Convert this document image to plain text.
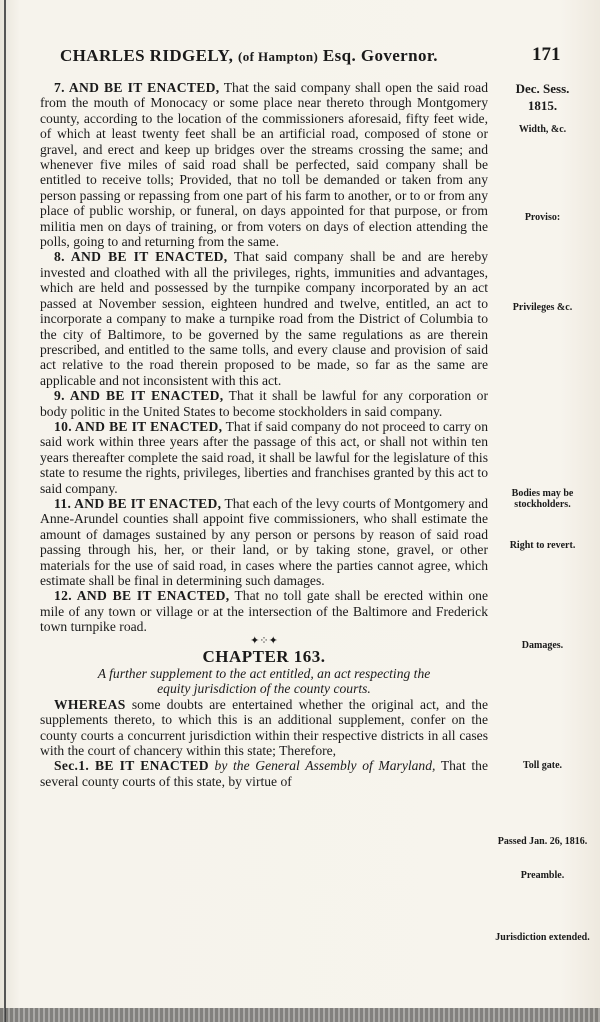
CHARLES RIDGELY, (of Hampton) Esq. Governor.	171
Dec. Sess.
1815.
Width, &c.
Proviso:
Privileges &c.
Bodies may be stockholders.
Right to revert.
Damages.
Toll gate.
Passed Jan. 26, 1816.
Preamble.
Jurisdiction extended.

7. AND BE IT ENACTED, That the said company shall open the said road from the mouth of Monocacy or some place near thereto through Montgomery county, according to the location of the commissioners aforesaid, fifty feet wide, of which at least twenty feet shall be an artificial road, composed of stone or gravel, and erect and keep up bridges over the streams crossing the same; and whenever five miles of said road shall be perfected, said company shall be entitled to receive tolls; Provided, that no toll be demanded or taken from any person passing or repassing from one part of his farm to another, or to or from any place of public worship, or funeral, on days appointed for that purpose, or from militia men on days of training, or from voters on days of election attending the polls, going to and returning from the same.

8. AND BE IT ENACTED, That said company shall be and are hereby invested and cloathed with all the privileges, rights, immunities and advantages, which are held and possessed by the turnpike company incorporated by an act passed at November session, eighteen hundred and twelve, entitled, an act to incorporate a company to make a turnpike road from the District of Columbia to the city of Baltimore, to be governed by the same regulations as are therein prescribed, and entitled to the same tolls, and every clause and provision of said act relative to the road therein proposed to be made, so far as the same are applicable and not inconsistent with this act.

9. AND BE IT ENACTED, That it shall be lawful for any corporation or body politic in the United States to become stockholders in said company.

10. AND BE IT ENACTED, That if said company do not proceed to carry on said work within three years after the passage of this act, or shall not within ten years thereafter complete the said road, it shall be lawful for the legislature of this state to resume the rights, privileges, liberties and franchises granted by this act to said company.

11. AND BE IT ENACTED, That each of the levy courts of Montgomery and Anne-Arundel counties shall appoint five commissioners, who shall estimate the amount of damages sustained by any person or persons by reason of said road passing through his, her, or their land, or by taking stone, gravel, or other materials for the use of said road, in cases where the parties cannot agree, which estimate shall be final in determining such damages.

12. AND BE IT ENACTED, That no toll gate shall be erected within one mile of any town or village or at the intersection of the Baltimore and Frederick town turnpike road.

✦⁘✦
CHAPTER 163.

A further supplement to the act entitled, an act respecting the

equity jurisdiction of the county courts.

WHEREAS some doubts are entertained whether the original act, and the supplements thereto, to which this is an additional supplement, confer on the county courts a concurrent jurisdiction within their respective districts in all cases with the court of chancery within this state; Therefore,

Sec.1. BE IT ENACTED by the General Assembly of Maryland, That the several county courts of this state, by virtue of
